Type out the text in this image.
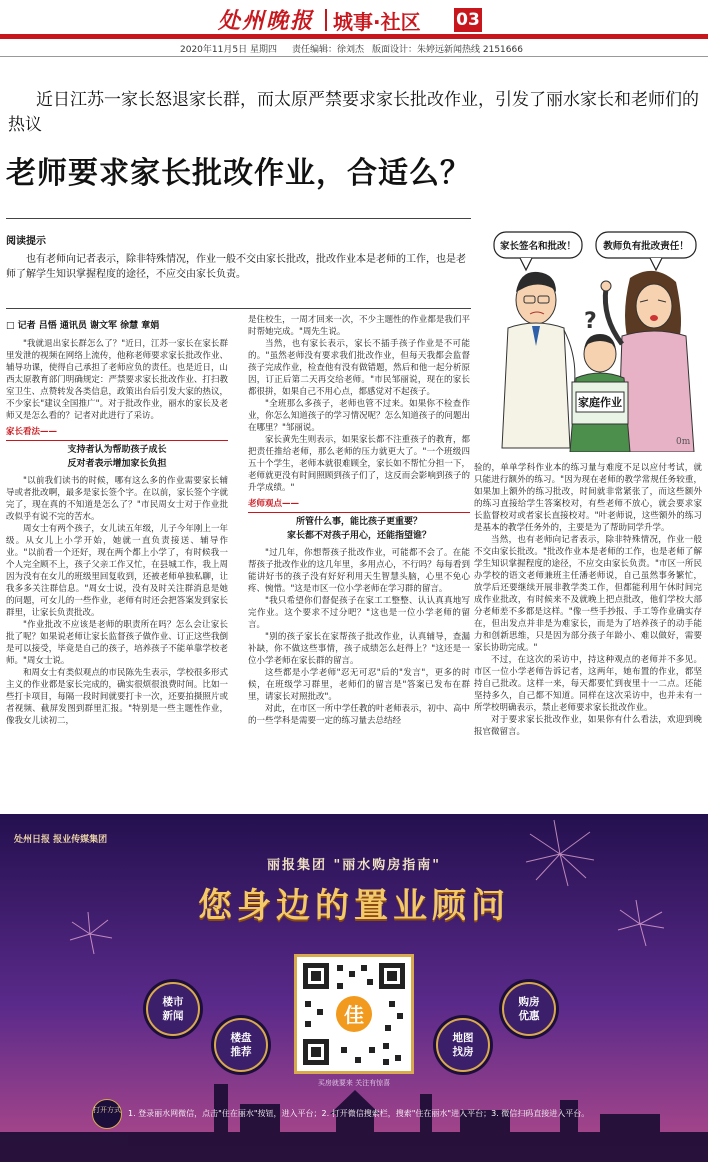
处州晚报 城事·社区 03
2020年11月5日 星期四 责任编辑：徐刘杰 版面设计：朱婷远 新闻热线 2151666
近日江苏一家长怒退家长群，而太原严禁要求家长批改作业，引发了丽水家长和老师们的热议
老师要求家长批改作业，合适么？
阅读提示
也有老师向记者表示，除非特殊情况，作业一般不交由家长批改，批改作业本是老师的工作，也是老师了解学生知识掌握程度的途径，不应交由家长负责。
家长签名和批改！	教师负有批改责任！
?
家庭作业
0m
□ 记者 吕悟 通讯员 谢文军 徐慧 章娟

"我就退出家长群怎么了？"近日，江苏一家长在家长群里发泄的视频在网络上流传，他称老师要求家长批改作业、辅导功课，使得自己承担了老师应负的责任。也是近日，山西太原教育部门明确规定：严禁要求家长批改作业、打扫教室卫生、点赞转发各类信息，政策出台后引发大家的热议，不少家长"建议全国推广"。对于批改作业，丽水的家长及老师又是怎么看的？记者对此进行了采访。

家长看法——
支持者认为帮助孩子成长
反对者表示增加家长负担

"以前我们读书的时候，哪有这么多的作业需要家长辅导或者批改啊，最多是家长签个字。在以前，家长签个字就完了，现在真的不知道是怎么了？"市民周女士对于作业批改似乎有说不完的苦水。

周女士有两个孩子，女儿读五年级，儿子今年刚上一年级。从女儿上小学开始，她就一直负责接送、辅导作业。"以前看一个还好，现在两个都上小学了，有时候我一个人完全顾不上，孩子父亲工作又忙，在县城工作，我上周因为没有在女儿的班级里回复收到，还被老师单独私聊，让我多多关注群信息。"周女士说，没有及时关注群消息是她的问题，可女儿的一些作业，老师有时还会把答案发到家长群里，让家长负责批改。

"作业批改不应该是老师的职责所在吗？怎么会让家长批了呢？如果说老师让家长监督孩子做作业、订正这些我倒是可以接受，毕竟是自己的孩子，培养孩子不能单靠学校老师。"周女士说。

和周女士有类似观点的市民陈先生表示，学校很多形式主义的作业都是家长完成的，确实很烦很浪费时间。比如一些打卡项目，每隔一段时间就要打卡一次，还要拍摄照片或者视频、截屏发图到群里汇报。"特别是一些主题性作业，像我女儿读初二，

是住校生，一周才回来一次，不少主题性的作业都是我们平时帮她完成。"周先生说。

当然，也有家长表示，家长不插手孩子作业是不可能的。"虽然老师没有要求我们批改作业，但每天我都会监督孩子完成作业，检查他有没有做错题，然后和他一起分析原因，订正后第二天再交给老师。"市民邹丽说，现在的家长都很拼，如果自己不用心点，都感觉对不起孩子。

"全班那么多孩子，老师也管不过来。如果你不检查作业，你怎么知道孩子的学习情况呢？怎么知道孩子的问题出在哪里？"邹丽说。

家长黄先生则表示，如果家长都不注重孩子的教育，都把责任推给老师，那么老师的压力就更大了。"一个班级四五十个学生，老师本就很难顾全，家长如不帮忙分担一下，老师就更没有时间照顾到孩子们了，这反而会影响到孩子的升学成绩。"

老师观点——
所管什么事，能比孩子更重要？
家长都不对孩子用心，还能指望谁？

"过几年，你想帮孩子批改作业，可能都不会了。在能帮孩子批改作业的这几年里，多用点心，不行吗？每每看到能讲好书的孩子没有好好利用天生智慧头脑，心里不免心疼、惋惜。"这是市区一位小学老师在学习群的留言。

"我只希望你们督促孩子在家工工整整、认认真真地写完作业。这个要求不过分吧？"这也是一位小学老师的留言。

"别的孩子家长在家帮孩子批改作业，认真辅导，查漏补缺，你不做这些事情，孩子成绩怎么赶得上？"这还是一位小学老师在家长群的留言。

这些都是小学老师"忍无可忍"后的"发言"，更多的时候，在班级学习群里，老师们的留言是"答案已发布在群里，请家长对照批改"。

对此，在市区一所中学任教的叶老师表示，初中、高中的一些学科是需要一定的练习量去总结经

验的，单单学科作业本的练习量与难度不足以应付考试，就只能进行额外的练习。"因为现在老师的教学常规任务较重，如果加上额外的练习批改，时间就非常紧张了，而这些额外的练习直接给学生答案校对，有些老师不放心，就会要求家长监督校对或者家长直接校对。"叶老师说，这些额外的练习是基本的教学任务外的，主要是为了帮助同学升学。

当然，也有老师向记者表示，除非特殊情况，作业一般不交由家长批改。"批改作业本是老师的工作，也是老师了解学生知识掌握程度的途径，不应交由家长负责。"市区一所民办学校的语文老师兼班主任潘老师说，自己虽然事务繁忙，放学后还要继续开展非教学类工作，但都能利用午休时间完成作业批改，有时候来不及就晚上把点批改，他们学校大部分老师差不多都是这样。"像一些手抄报、手工等作业确实存在，但出发点并非是为难家长，而是为了培养孩子的动手能力和创新思维，只是因为部分孩子年龄小、难以做好，需要家长协助完成。"

不过，在这次的采访中，持这种观点的老师并不多见。市区一位小学老师告诉记者，这两年，她布置的作业，都坚持自己批改。这样一来，每天都要忙到夜里十一二点。还能坚持多久，自己都不知道。同样在这次采访中，也并未有一所学校明确表示，禁止老师要求家长批改作业。

对于要求家长批改作业，如果你有什么看法，欢迎到晚报官微留言。

处州日报 报业传媒集团
丽报集团 "丽水购房指南"
您身边的置业顾问
楼市新闻
楼盘推荐
地图找房
购房优惠
佳
买房就要来 关注有惊喜
打开方式 1. 登录丽水网微信，点击"住在丽水"按钮，进入平台；2. 打开微信搜索栏，搜索"住在丽水"进入平台；3. 微信扫码直接进入平台。
